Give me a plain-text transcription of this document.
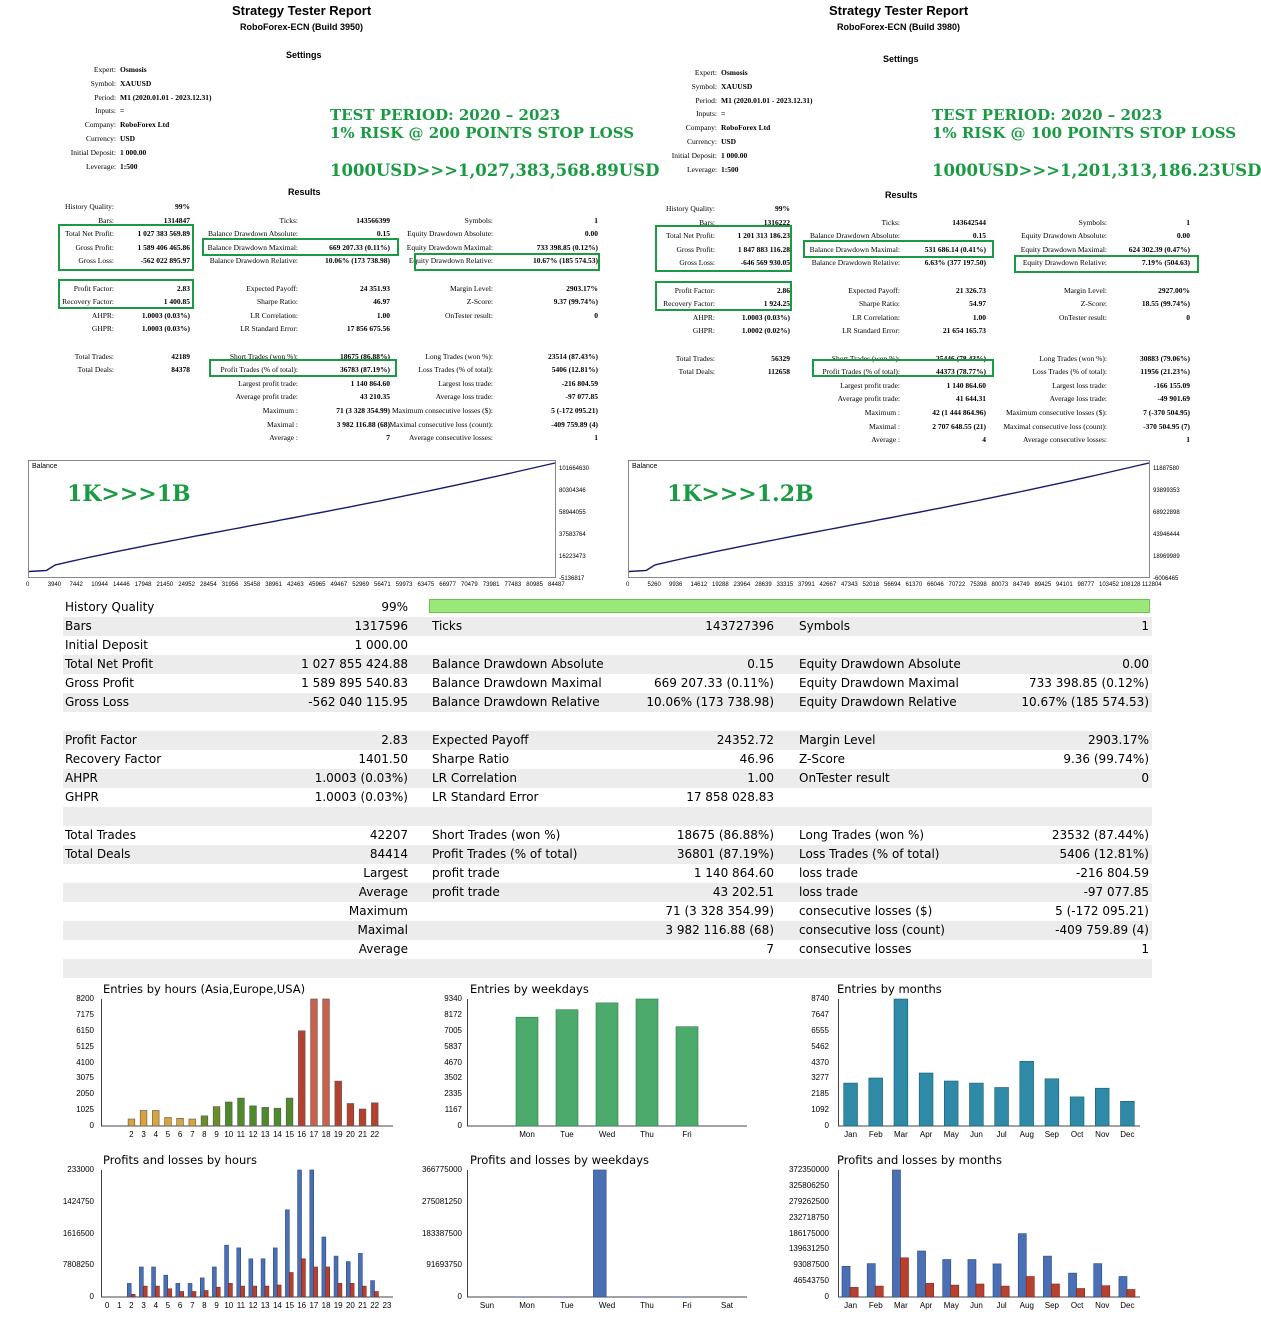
Strategy Tester Report
RoboForex-ECN (Build 3950)
Settings
Expert: Osmosis
Symbol: XAUUSD
Period: M1 (2020.01.01 - 2023.12.31)
Inputs: =
Company: RoboForex Ltd
Currency: USD
Initial Deposit: 1 000.00
Leverage: 1:500
TEST PERIOD: 2020 – 2023
1% RISK @ 200 POINTS STOP LOSS
1000USD>>>1,027,383,568.89USD
Results
History Quality:	99%
Bars:	1314847	Ticks:	143566399	Symbols:	1
Total Net Profit:	1 027 383 569.89 Balance Drawdown Absolute:	0.15 Equity Drawdown Absolute:	0.00
Gross Profit:	1 589 406 465.86 Balance Drawdown Maximal:	669 207.33 (0.11%) Equity Drawdown Maximal:	733 398.85 (0.12%)
Gross Loss:	-562 022 895.97	Balance Drawdown Relative:	10.06% (173 738.98)	Equity Drawdown Relative:	10.67% (185 574.53)
Profit Factor:	2.83	Expected Payoff:	24 351.93	Margin Level:	2903.17%
Recovery Factor:	1 400.85	Sharpe Ratio:	46.97	Z-Score:	9.37 (99.74%)
AHPR:	1.0003 (0.03%)	LR Correlation:	1.00	OnTester result:	0
GHPR:	1.0003 (0.03%)	LR Standard Error:	17 856 675.56
Total Trades:	42189	Short Trades (won %):	18675 (86.88%)	Long Trades (won %):	23514 (87.43%)
Total Deals:	84378	Profit Trades (% of total):	36783 (87.19%)	Loss Trades (% of total):	5406 (12.81%)
Largest profit trade:	1 140 864.60	Largest loss trade:	-216 804.59
Average profit trade:	43 210.35	Average loss trade:	-97 077.85
Maximum :	71 (3 328 354.99) Maximum consecutive losses ($):	5 (-172 095.21)
Maximal :	3 982 116.88 (68) Maximal consecutive loss (count):	-409 759.89 (4)
Average :	7	Average consecutive losses:	1
Strategy Tester Report
RoboForex-ECN (Build 3980)
Settings
Expert: Osmosis
Symbol: XAUUSD
Period: M1 (2020.01.01 - 2023.12.31)
Inputs: =
Company: RoboForex Ltd
Currency: USD
Initial Deposit: 1 000.00
Leverage: 1:500
TEST PERIOD: 2020 – 2023
1% RISK @ 100 POINTS STOP LOSS
1000USD>>>1,201,313,186.23USD
Results
History Quality:	99%
Bars:	1316222	Ticks:	143642544	Symbols:	1
Total Net Profit:	1 201 313 186.23	Balance Drawdown Absolute:	0.15	Equity Drawdown Absolute:	0.00
Gross Profit:	1 847 883 116.28	Balance Drawdown Maximal:	531 686.14 (0.41%)	Equity Drawdown Maximal:	624 302.39 (0.47%)
Gross Loss:	-646 569 930.05	Balance Drawdown Relative:	6.63% (377 197.50)	Equity Drawdown Relative:	7.19% (504.63)
Profit Factor:	2.86	Expected Payoff:	21 326.73	Margin Level:	2927.00%
Recovery Factor:	1 924.25	Sharpe Ratio:	54.97	Z-Score:	18.55 (99.74%)
AHPR:	1.0003 (0.03%)	LR Correlation:	1.00	OnTester result:	0
GHPR:	1.0002 (0.02%)	LR Standard Error:	21 654 165.73
Total Trades:	56329	Short Trades (won %):	25446 (78.43%)	Long Trades (won %):	30883 (79.06%)
Total Deals:	112658	Profit Trades (% of total):	44373 (78.77%)	Loss Trades (% of total):	11956 (21.23%)
Largest profit trade:	1 140 864.60	Largest loss trade:	-166 155.09
Average profit trade:	41 644.31	Average loss trade:	-49 901.69
Maximum :	42 (1 444 864.96)	Maximum consecutive losses ($):	7 (-370 504.95)
Maximal :	2 707 648.55 (21) Maximal consecutive loss (count):	-370 504.95 (7)
Average :	4	Average consecutive losses:	1
Balance
1K>>>1B
Balance
1K>>>1.2B
101664630
80304346
58944055
37583764
16223473
-5136817
0	3940 7442 10944 14446 17948 21450 24952 28454 31956 35458 38961 42463 45965 49467 52969 56471 59973 63475 66977 70479 73981 77483 80985 84487
11887580
93899353
68922898
43946444
18969989
-6006465
0	5260 9936 14612 19288 23964 28639 33315 37991 42667 47343 52018 56694 61370 66046 70722 75398 80073 84749 89425 94101 98777 103452 108128 112804
History Quality	99%
Bars	1317596 Ticks	143727396 Symbols	1
Initial Deposit	1 000.00
Total Net Profit	1 027 855 424.88 Balance Drawdown Absolute	0.15 Equity Drawdown Absolute	0.00
Gross Profit	1 589 895 540.83 Balance Drawdown Maximal	669 207.33 (0.11%) Equity Drawdown Maximal	733 398.85 (0.12%)
Gross Loss	-562 040 115.95 Balance Drawdown Relative	10.06% (173 738.98) Equity Drawdown Relative	10.67% (185 574.53)
Profit Factor	2.83 Expected Payoff	24352.72 Margin Level	2903.17%
Recovery Factor	1401.50 Sharpe Ratio	46.96 Z-Score	9.36 (99.74%)
AHPR	1.0003 (0.03%) LR Correlation	1.00 OnTester result	0
GHPR	1.0003 (0.03%) LR Standard Error	17 858 028.83
Total Trades	42207 Short Trades (won %)	18675 (86.88%) Long Trades (won %)	23532 (87.44%)
Total Deals	84414 Profit Trades (% of total)	36801 (87.19%) Loss Trades (% of total)	5406 (12.81%)
Largest profit trade	1 140 864.60 loss trade	-216 804.59
Average profit trade	43 202.51 loss trade	-97 077.85
Maximum	71 (3 328 354.99) consecutive losses ($)	5 (-172 095.21)
Maximal	3 982 116.88 (68) consecutive loss (count)	-409 759.89 (4)
Average	7 consecutive losses	1
Entries by hours (Asia,Europe,USA)
2 3 4 5 6 7 8 9 10 11 12 13 14 15 16 17 18 19 20 21 22
8200
7175
6150
5125
4100
3075
2050
1025
0
Entries by weekdays
Mon	Tue	Wed	Thu	Fri
9340
8172
7005
5837
4670
3502
2335
1167
0
Entries by months
Jan	Feb	Mar	Apr	May	Jun	Jul	Aug	Sep	Oct	Nov	Dec
8740
7647
6555
5462
4370
3277
2185
1092
0
Profits and losses by hours
0 1 2 3 4 5 6 7 8 9 10 11 12 13 14 15 16 17 18 19 20 21 22 23
233000
1424750
1616500
7808250
0
Profits and losses by weekdays
Sun	Mon	Tue	Wed	Thu	Fri	Sat
366775000
275081250
183387500
91693750
0
Profits and losses by months
Jan	Feb	Mar	Apr	May	Jun	Jul	Aug	Sep	Oct	Nov	Dec
372350000
325806250
279262500
232718750
186175000
139631250
93087500
46543750
0
